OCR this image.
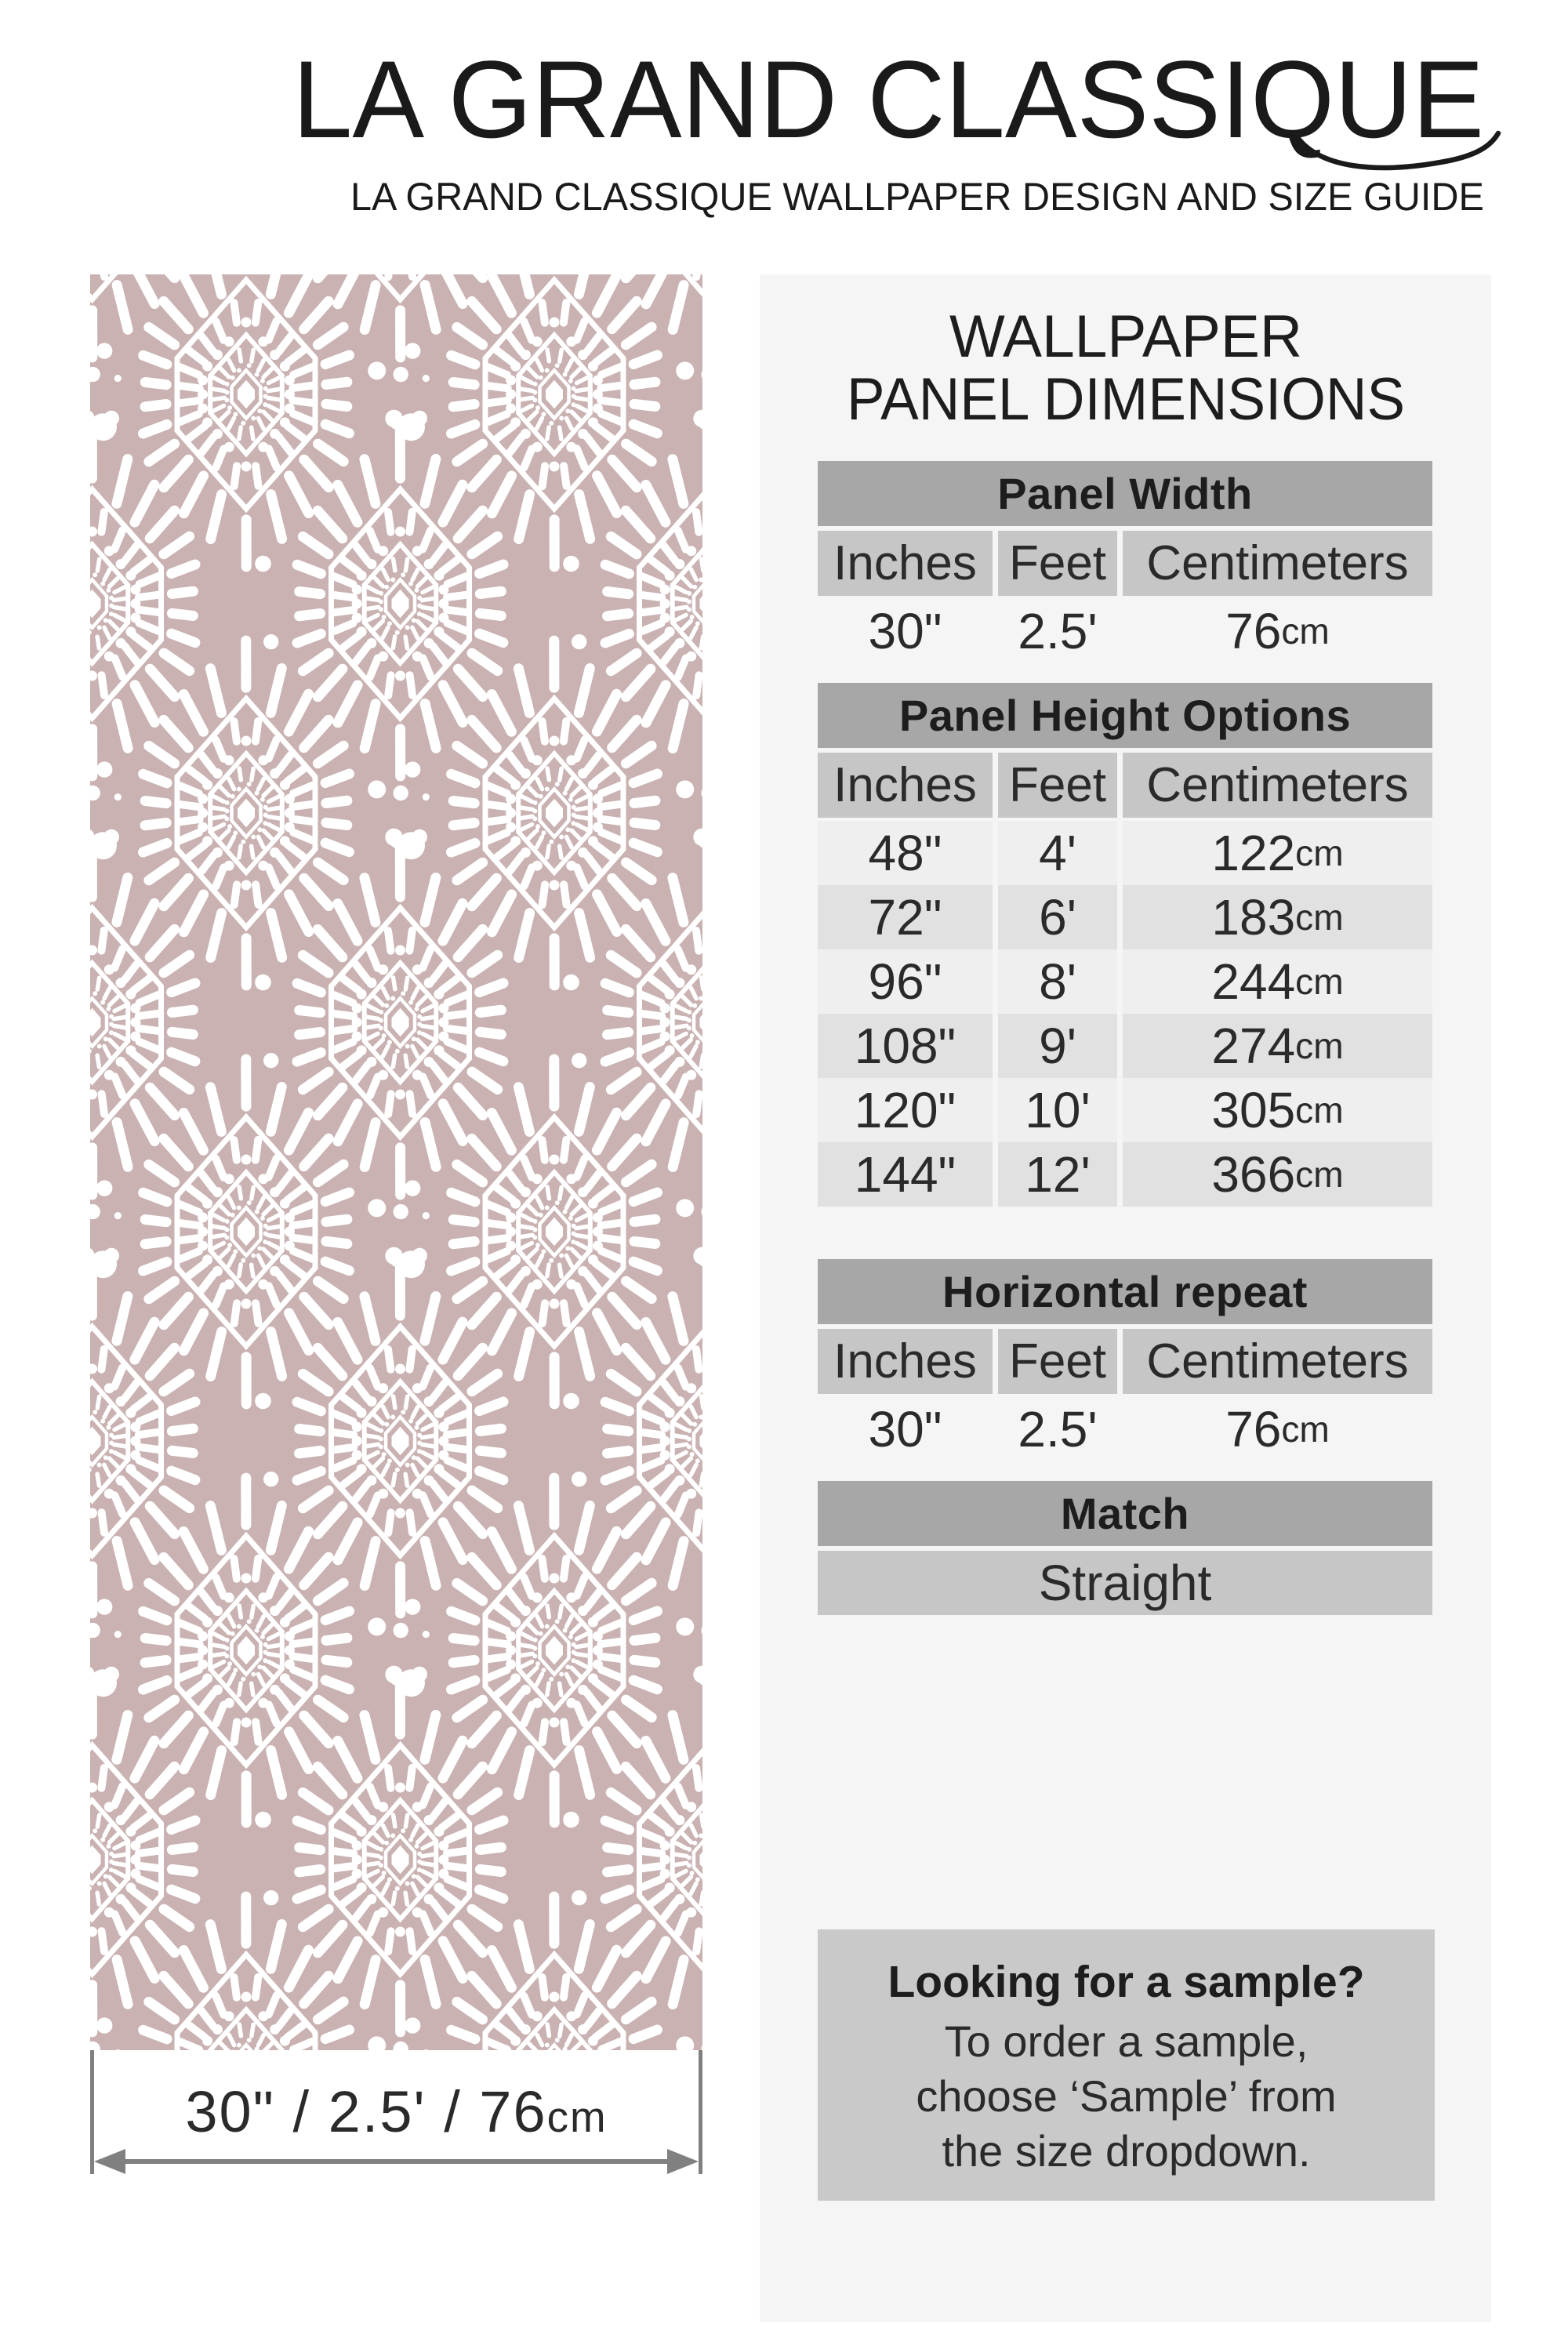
LA GRAND CLASSIQUE
LA GRAND CLASSIQUE WALLPAPER DESIGN AND SIZE GUIDE
30" / 2.5' / 76cm
WALLPAPER
PANEL DIMENSIONS
Panel Width
Inches Feet Centimeters
30"	2.5'	76 cm
Panel Height Options
Inches Feet Centimeters
48"	4'	122 cm
72"	6'	183 cm
96"	8'	244 cm
108"	9'	274 cm
120"	10'	305 cm
144"	12'	366 cm
Horizontal repeat
Inches Feet Centimeters
30"	2.5'	76 cm
Match
Straight
Looking for a sample?
To order a sample,
choose ‘Sample’ from
the size dropdown.
